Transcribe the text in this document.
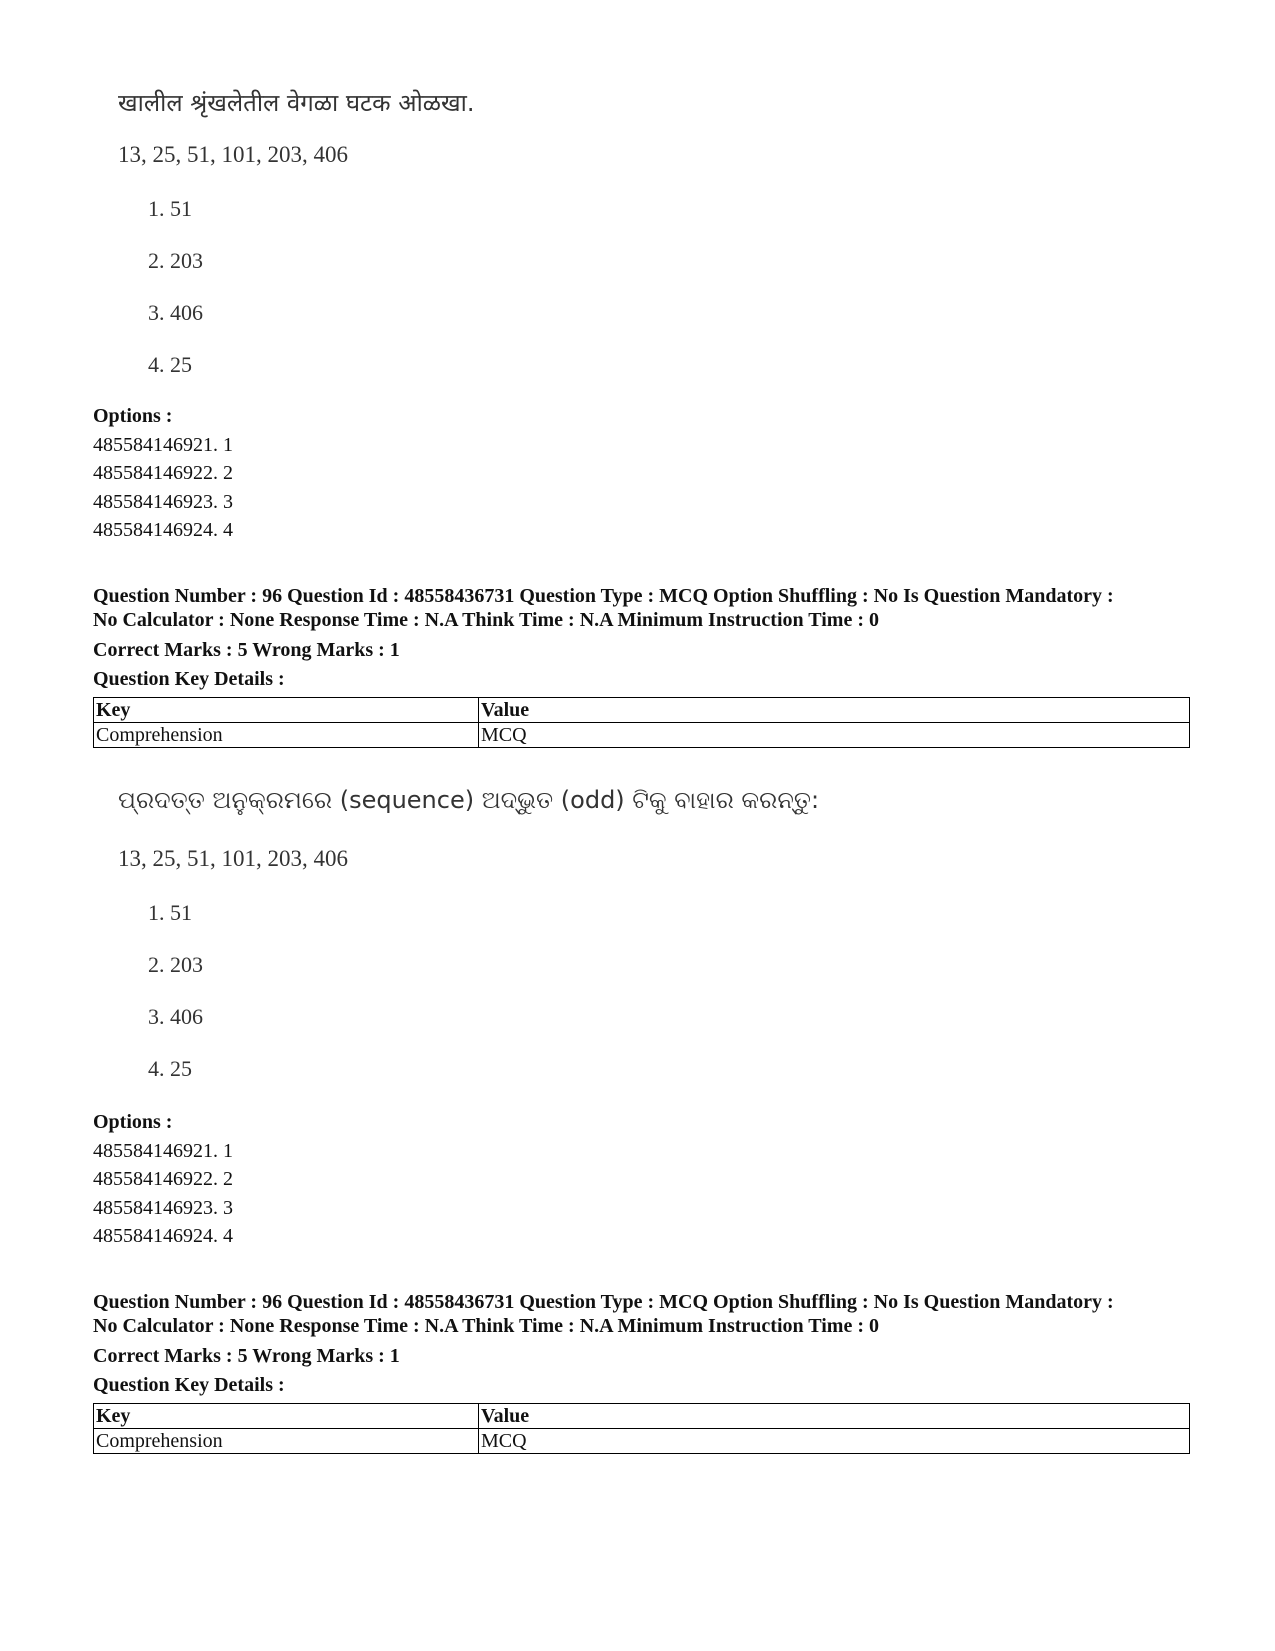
खालील श्रृंखलेतील वेगळा घटक ओळखा.
13, 25, 51, 101, 203, 406
1. 51
2. 203
3. 406
4. 25
Options :
485584146921. 1
485584146922. 2
485584146923. 3
485584146924. 4
Question Number : 96 Question Id : 48558436731 Question Type : MCQ Option Shuffling : No Is Question Mandatory :
No Calculator : None Response Time : N.A Think Time : N.A Minimum Instruction Time : 0
Correct Marks : 5 Wrong Marks : 1
Question Key Details :
Key	Value
Comprehension	MCQ
ପ୍ରଦତ୍ତ ଅନୁକ୍ରମରେ (sequence) ଅଦ୍ଭୁତ (odd) ଟିକୁ ବାହାର କରନ୍ତୁ:
13, 25, 51, 101, 203, 406
1. 51
2. 203
3. 406
4. 25
Options :
485584146921. 1
485584146922. 2
485584146923. 3
485584146924. 4
Question Number : 96 Question Id : 48558436731 Question Type : MCQ Option Shuffling : No Is Question Mandatory :
No Calculator : None Response Time : N.A Think Time : N.A Minimum Instruction Time : 0
Correct Marks : 5 Wrong Marks : 1
Question Key Details :
Key	Value
Comprehension	MCQ
